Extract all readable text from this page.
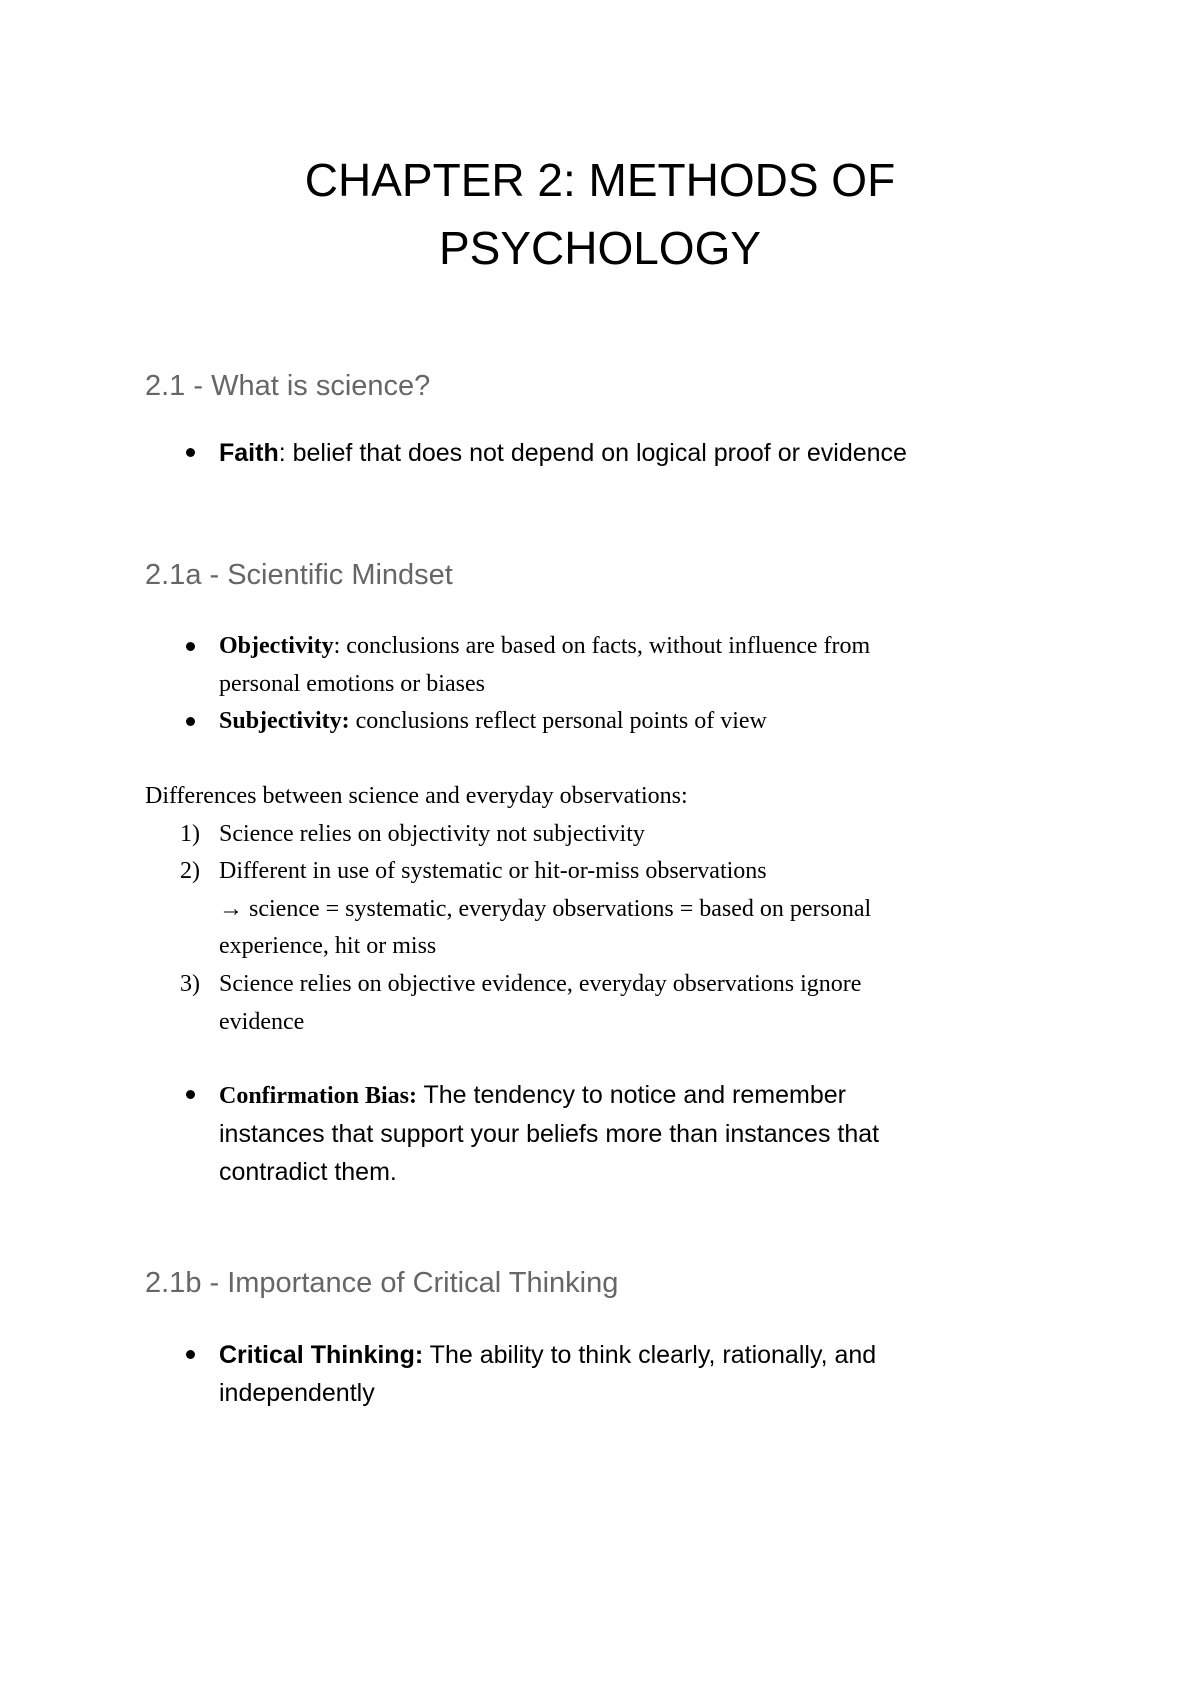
CHAPTER 2: METHODS OF
PSYCHOLOGY
2.1 - What is science?
Faith: belief that does not depend on logical proof or evidence
2.1a - Scientific Mindset
Objectivity: conclusions are based on facts, without influence from
personal emotions or biases
Subjectivity: conclusions reflect personal points of view
Differences between science and everyday observations:
1) Science relies on objectivity not subjectivity
2) Different in use of systematic or hit-or-miss observations
→ science = systematic, everyday observations = based on personal
experience, hit or miss
3) Science relies on objective evidence, everyday observations ignore
evidence
Confirmation Bias: The tendency to notice and remember
instances that support your beliefs more than instances that
contradict them.
2.1b - Importance of Critical Thinking
Critical Thinking: The ability to think clearly, rationally, and
independently
